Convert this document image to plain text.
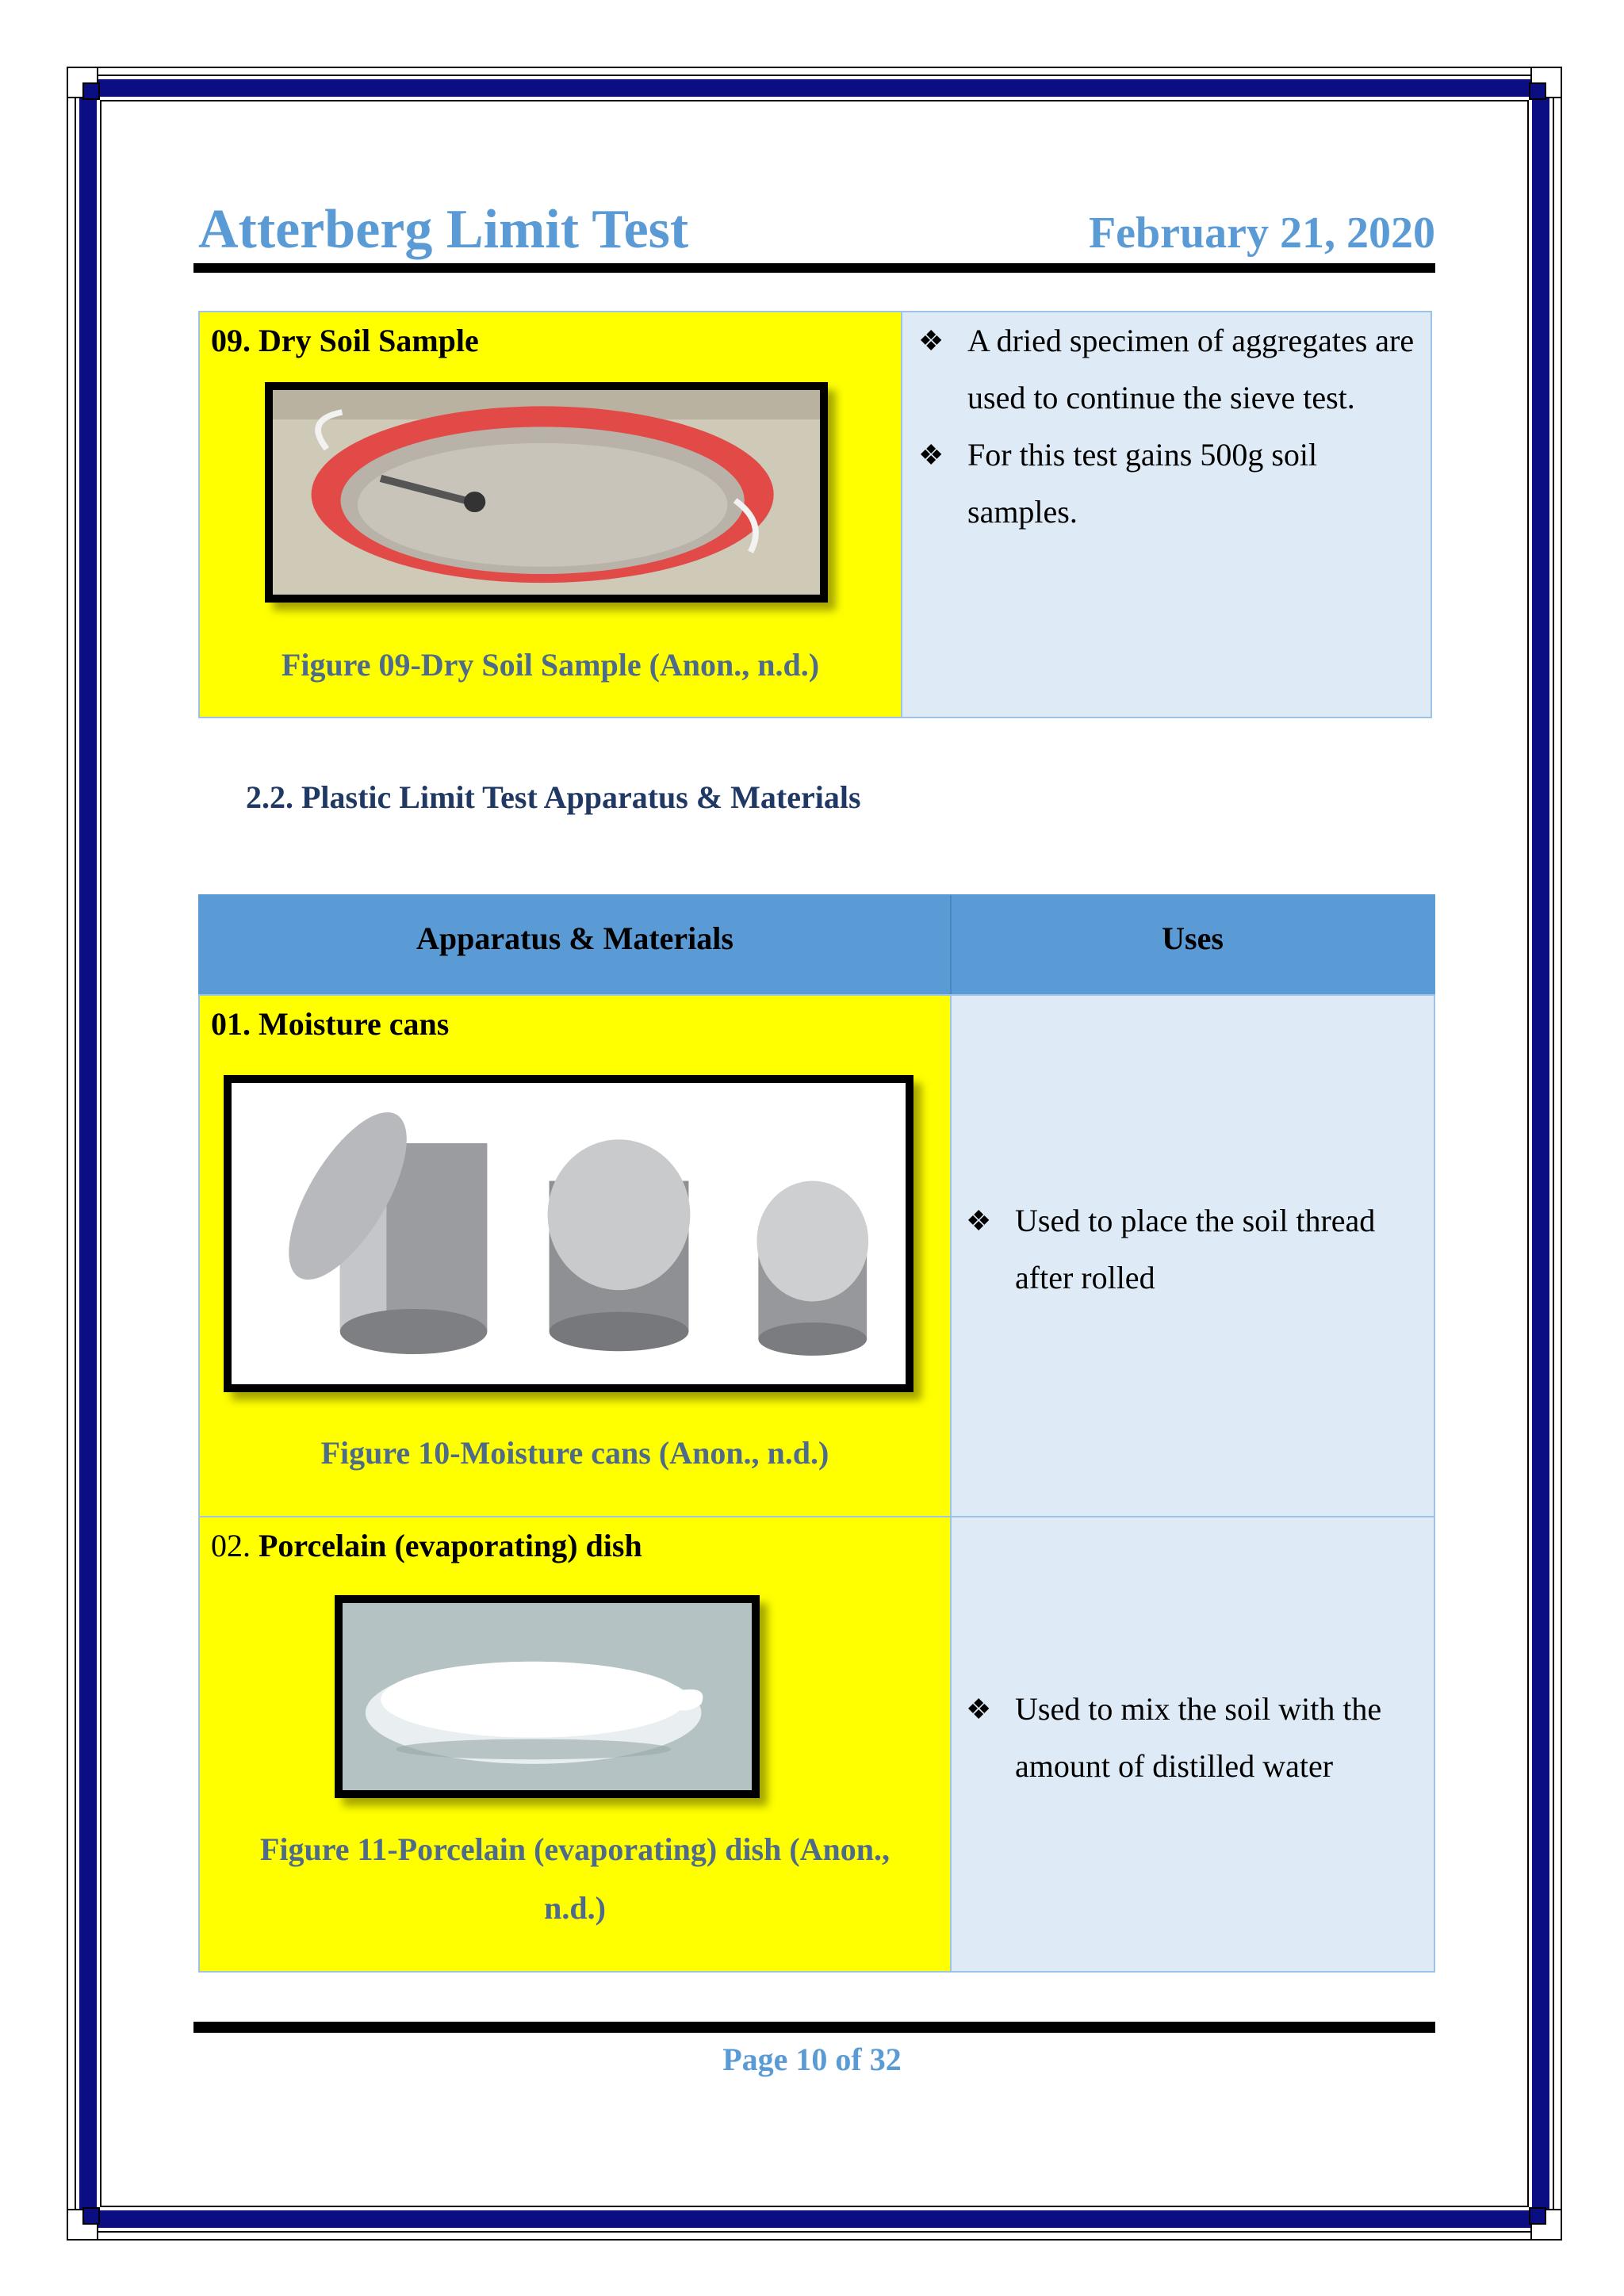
Atterberg Limit Test	February 21, 2020
09. Dry Soil Sample
Figure 09-Dry Soil Sample (Anon., n.d.)
❖ A dried specimen of aggregates are used to continue the sieve test.
❖ For this test gains 500g soil samples.
2.2. Plastic Limit Test Apparatus & Materials
Apparatus & Materials	Uses
01. Moisture cans
Figure 10-Moisture cans (Anon., n.d.)
❖ Used to place the soil thread after rolled
02. Porcelain (evaporating) dish
Figure 11-Porcelain (evaporating) dish (Anon.,
n.d.)
❖ Used to mix the soil with the amount of distilled water
Page 10 of 32
